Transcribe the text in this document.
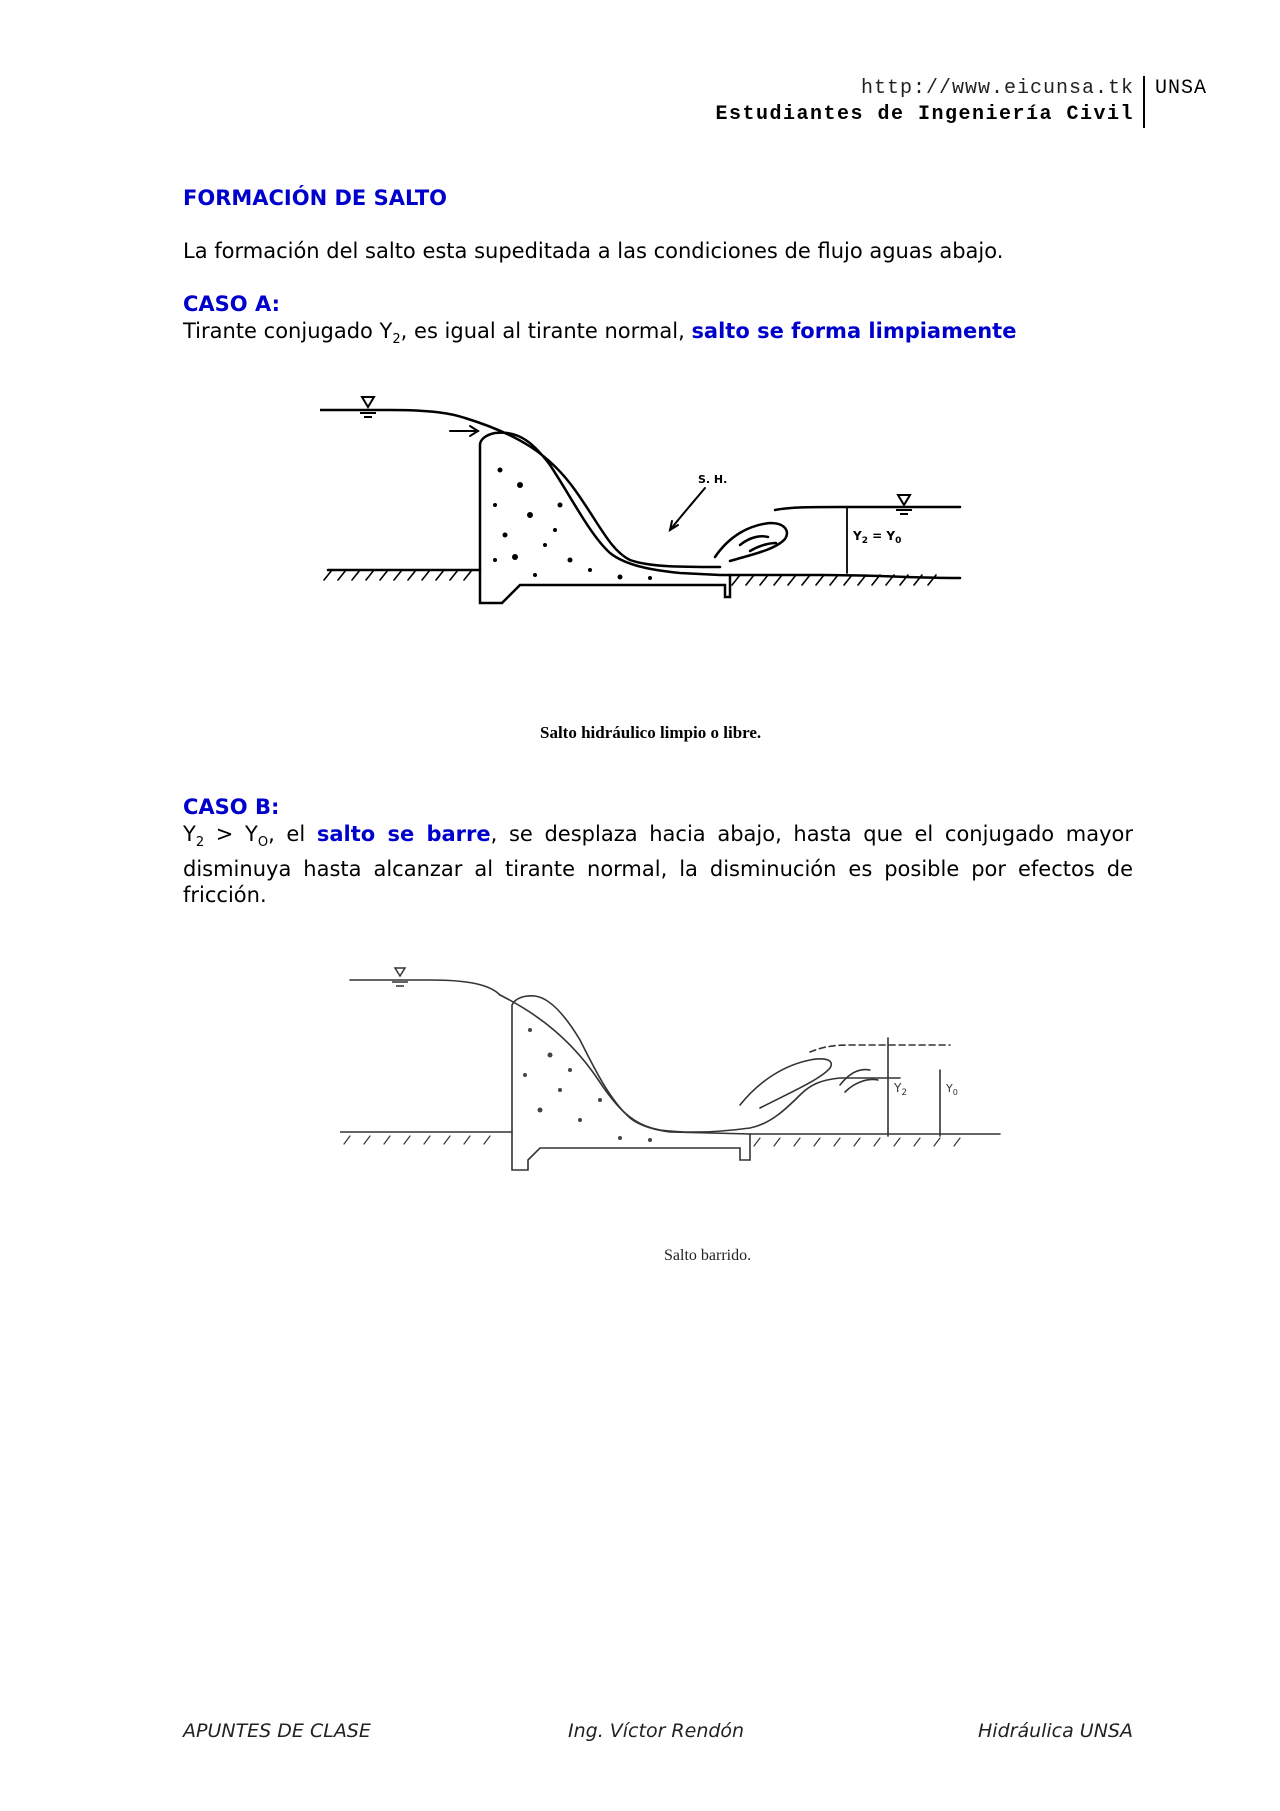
http://www.eicunsa.tk
Estudiantes de Ingeniería Civil
UNSA
FORMACIÓN DE SALTO
La formación del salto esta supeditada a las condiciones de flujo aguas abajo.
CASO A:
Tirante conjugado $Y_2$, es igual al tirante normal, salto se forma limpiamente
S. H.
$Y_2 = Y_0$
Salto hidráulico limpio o libre.
CASO B:
$Y_2 > Y_O$, el salto se barre, se desplaza hacia abajo, hasta que el conjugado mayor disminuya hasta alcanzar al tirante normal, la disminución es posible por efectos de fricción.
$Y_2$	$Y_0$
Salto barrido.
APUNTES DE CLASE	Ing. Víctor Rendón	Hidráulica UNSA
